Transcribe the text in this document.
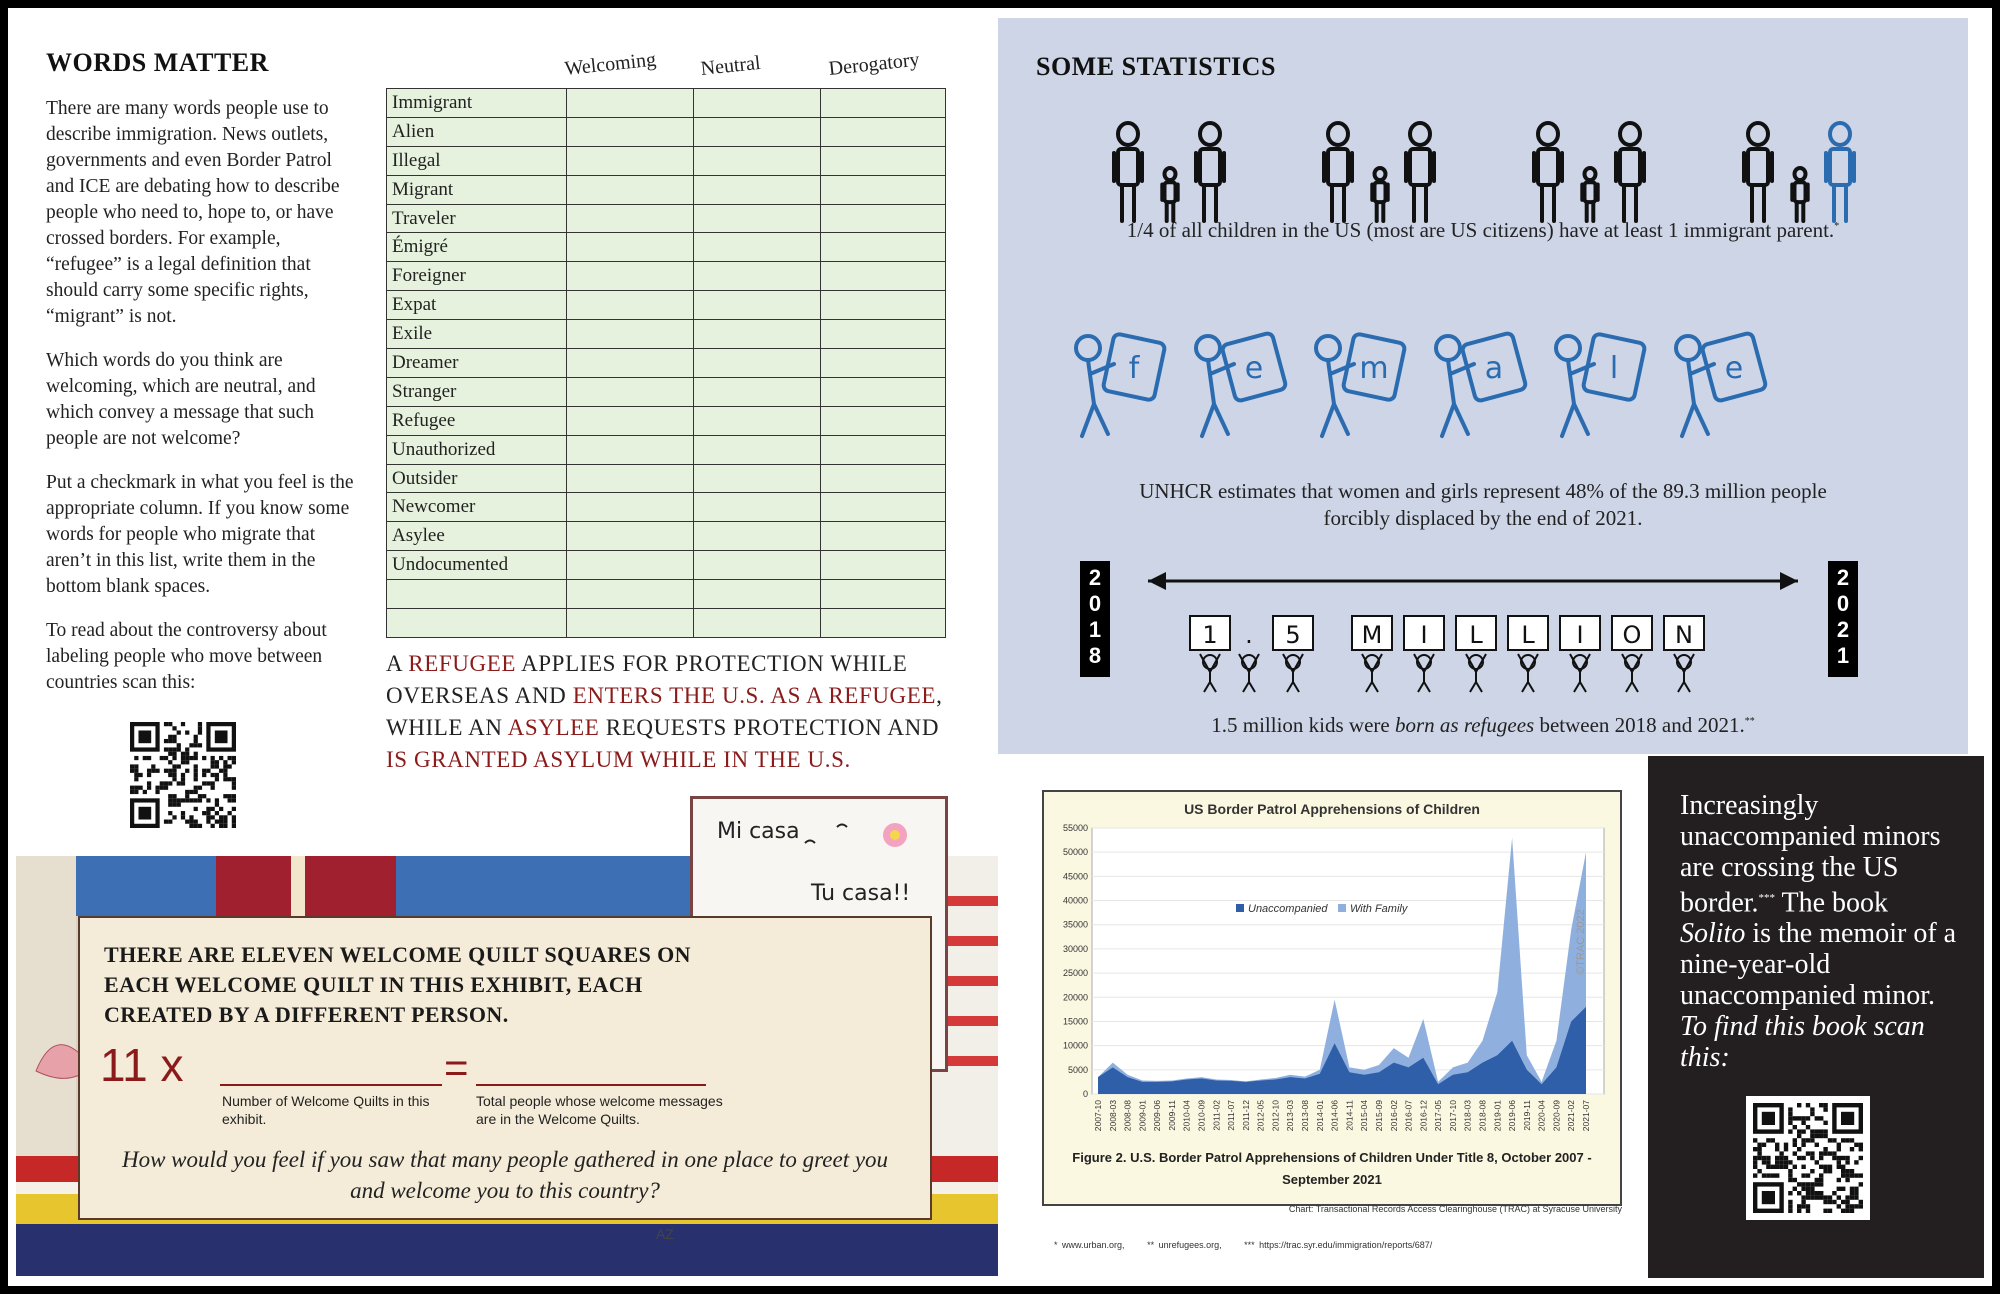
WORDS MATTER

There are many words people use to describe immigration. News outlets, governments and even Border Patrol and ICE are debating how to describe people who need to, hope to, or have crossed borders. For example, “refugee” is a legal definition that should carry some specific rights, “migrant” is not.

Which words do you think are welcoming, which are neutral, and which convey a message that such people are not welcome?

Put a checkmark in what you feel is the appropriate column. If you know some words for people who migrate that aren’t in this list, write them in the bottom blank spaces.

To read about the controversy about labeling people who move between countries scan this:

Welcoming Neutral	Derogatory
Immigrant			
Alien			
Illegal			
Migrant			
Traveler			
Émigré			
Foreigner			
Expat			
Exile			
Dreamer			
Stranger			
Refugee			
Unauthorized			
Outsider			
Newcomer			
Asylee			
Undocumented			

A REFUGEE APPLIES FOR PROTECTION WHILE OVERSEAS AND ENTERS THE U.S. AS A REFUGEE, WHILE AN ASYLEE REQUESTS PROTECTION AND IS GRANTED ASYLUM WHILE IN THE U.S.
SOME STATISTICS
1/4 of all children in the US (most are US citizens) have at least 1 immigrant parent.*
f	e	m	a	l	e
UNHCR estimates that women and girls represent 48% of the 89.3 million people
forcibly displaced by the end of 2021.
2
0
1
8
2
0
2
1
1 . 5	M I L L I O N
1.5 million kids were born as refugees between 2018 and 2021.**
Mi casa
Tu casa!!
AZ
THERE ARE ELEVEN WELCOME QUILT SQUARES ON EACH WELCOME QUILT IN THIS EXHIBIT, EACH CREATED BY A DIFFERENT PERSON.
11 x	=
Number of Welcome Quilts in this exhibit.
Total people whose welcome messages are in the Welcome Quilts.
How would you feel if you saw that many people gathered in one place to greet you and welcome you to this country?
US Border Patrol Apprehensions of Children
0
5000
10000
15000
20000
25000
30000
35000
40000
45000
50000
55000
2007-10 2008-03 2008-08 2009-01 2009-06 2009-11 2010-04 2010-09 2011-02 2011-07 2011-12 2012-05 2012-10 2013-03 2013-08 2014-01 2014-06 2014-11 2015-04 2015-09 2016-02 2016-07 2016-12 2017-05 2017-10 2018-03 2018-08 2019-01 2019-06 2019-11 2020-04 2020-09 2021-02 2021-07
Unaccompanied With Family
©TRAC 2022
Figure 2. U.S. Border Patrol Apprehensions of Children Under Title 8, October 2007 -
September 2021
Chart: Transactional Records Access Clearinghouse (TRAC) at Syracuse University
* www.urban.org,	** unrefugees.org,	*** https://trac.syr.edu/immigration/reports/687/
Increasingly unaccompanied minors are crossing the US border.*** The book Solito is the memoir of a nine-year-old unaccompanied minor. To find this book scan this:
